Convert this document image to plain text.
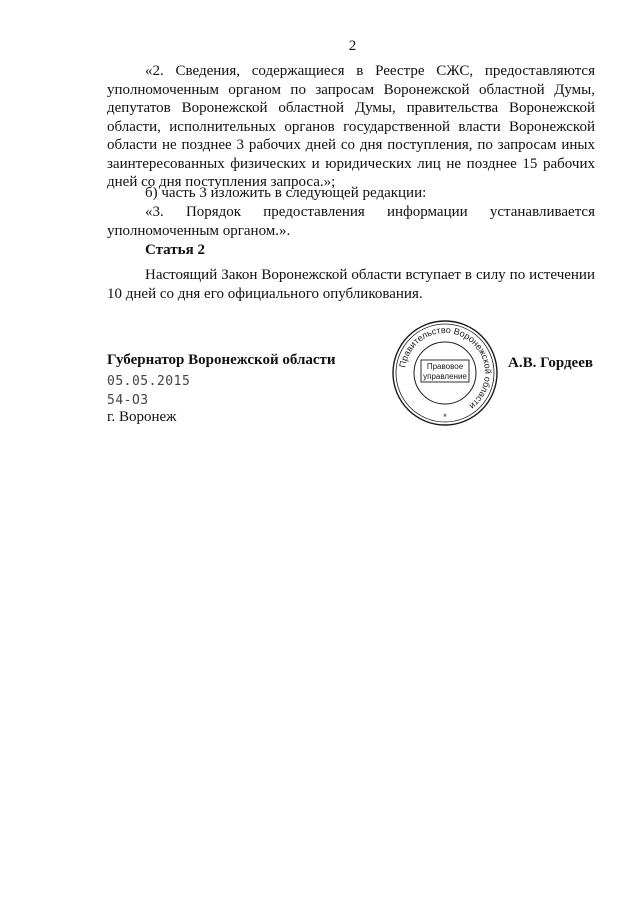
2

«2. Сведения, содержащиеся в Реестре СЖС, предоставляются уполномоченным органом по запросам Воронежской областной Думы, депутатов Воронежской областной Думы, правительства Воронежской области, исполнительных органов государственной власти Воронежской области не позднее 3 рабочих дней со дня поступления, по запросам иных заинтересованных физических и юридических лиц не позднее 15 рабочих дней со дня поступления запроса.»;

б) часть 3 изложить в следующей редакции:

«3. Порядок предоставления информации устанавливается уполномоченным органом.».

Статья 2

Настоящий Закон Воронежской области вступает в силу по истечении 10 дней со дня его официального опубликования.

Губернатор Воронежской области	Правительство Воронежской области
Правовое
управление
*
А.В. Гордеев
05.05.2015
54-ОЗ
г. Воронеж
